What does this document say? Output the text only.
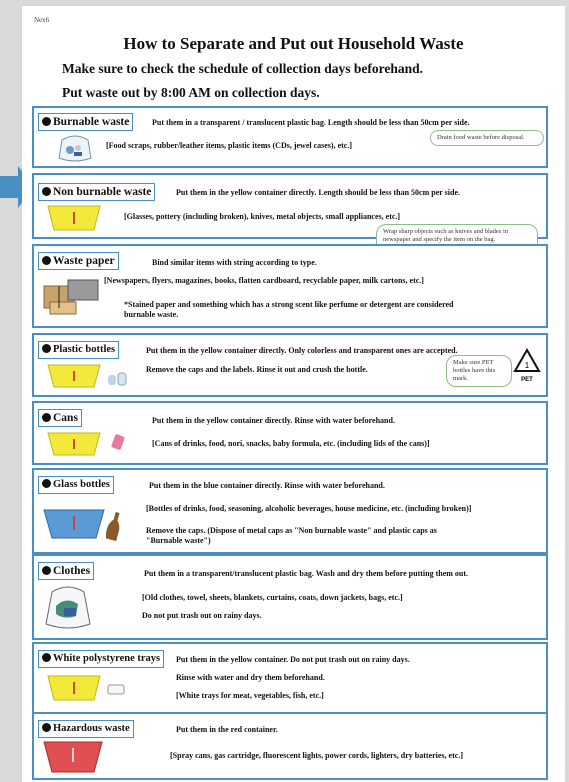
Nex6
How to Separate and Put out Household Waste
Make sure to check the schedule of collection days beforehand.
Put waste out by 8:00 AM on collection days.
Burnable waste	Put them in a transparent / translucent plastic bag. Length should be less than 50cm per side.
[Food scraps, rubber/leather items, plastic items (CDs, jewel cases), etc.]
Drain food waste before disposal.
Non burnable waste	Put them in the yellow container directly. Length should be less than 50cm per side.
[Glasses, pottery (including broken), knives, metal objects, small appliances, etc.]
Wrap sharp objects such as knives and blades in newspaper and specify the item on the bag.
Waste paper	Bind similar items with string according to type.
[Newspapers, flyers, magazines, books, flatten cardboard, recyclable paper, milk cartons, etc.]
*Stained paper and something which has a strong scent like perfume or detergent are considered
burnable waste.
Plastic bottles	Put them in the yellow container directly. Only colorless and transparent ones are accepted.
Remove the caps and the labels. Rinse it out and crush the bottle.
Make sure PET bottles have this mark.
1
PET
Cans	Put them in the yellow container directly. Rinse with water beforehand.
[Cans of drinks, food, nori, snacks, baby formula, etc. (including lids of the cans)]
Glass bottles	Put them in the blue container directly. Rinse with water beforehand.
[Bottles of drinks, food, seasoning, alcoholic beverages, house medicine, etc. (including broken)]
Remove the caps. (Dispose of metal caps as "Non burnable waste" and plastic caps as
"Burnable waste")
Clothes	Put them in a transparent/translucent plastic bag. Wash and dry them before putting them out.
[Old clothes, towel, sheets, blankets, curtains, coats, down jackets, bags, etc.]
Do not put trash out on rainy days.
White polystyrene trays	Put them in the yellow container. Do not put trash out on rainy days.
Rinse with water and dry them beforehand.
[White trays for meat, vegetables, fish, etc.]
Hazardous waste	Put them in the red container.
[Spray cans, gas cartridge, fluorescent lights, power cords, lighters, dry batteries, etc.]
